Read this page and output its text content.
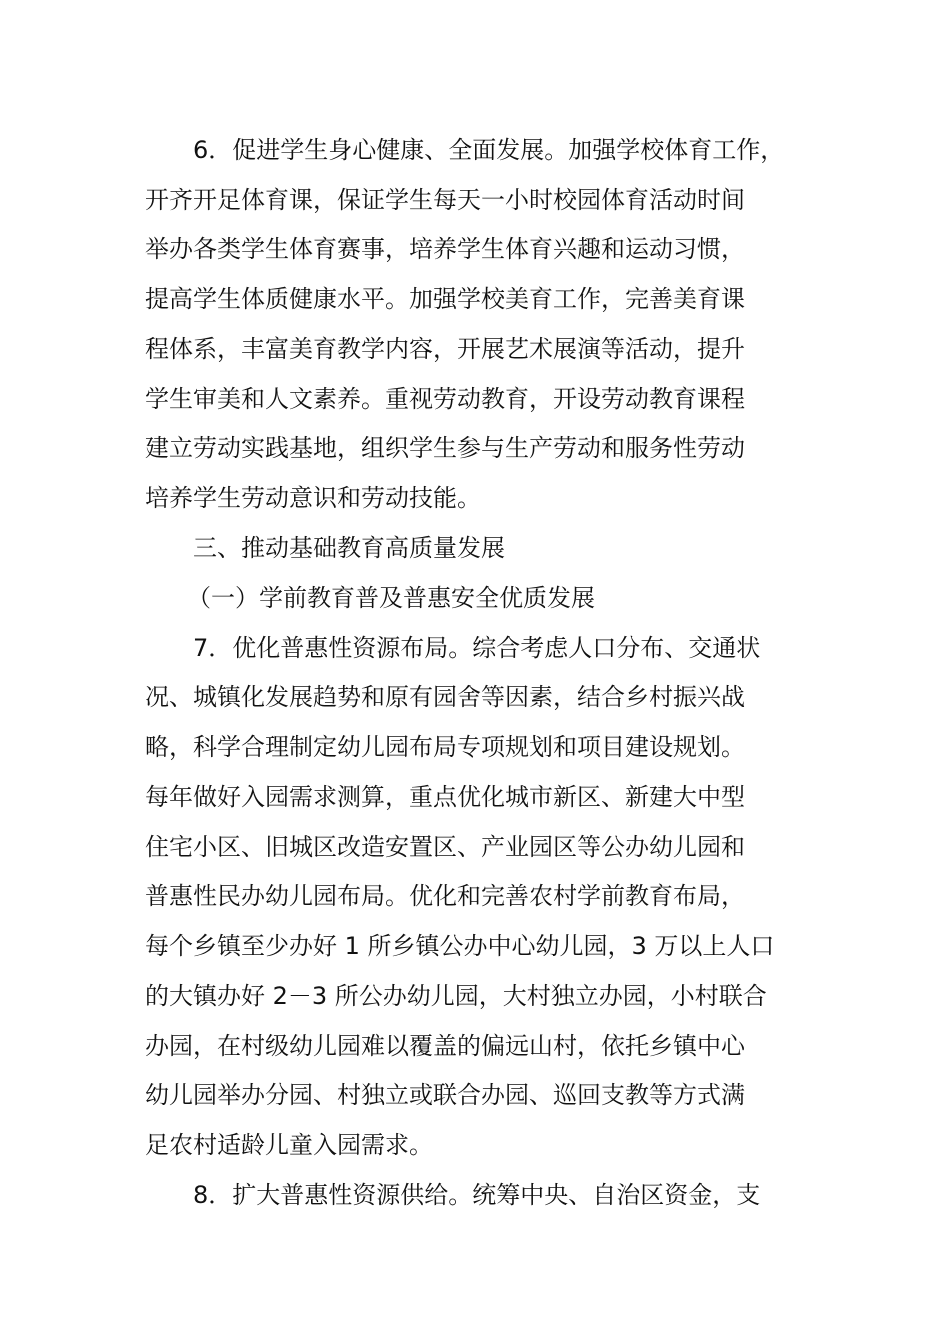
6．促进学生身心健康、全面发展。加强学校体育工作，
开齐开足体育课，保证学生每天一小时校园体育活动时间
举办各类学生体育赛事，培养学生体育兴趣和运动习惯，
提高学生体质健康水平。加强学校美育工作，完善美育课
程体系，丰富美育教学内容，开展艺术展演等活动，提升
学生审美和人文素养。重视劳动教育，开设劳动教育课程
建立劳动实践基地，组织学生参与生产劳动和服务性劳动
培养学生劳动意识和劳动技能。
三、推动基础教育高质量发展
（一）学前教育普及普惠安全优质发展
7．优化普惠性资源布局。综合考虑人口分布、交通状
况、城镇化发展趋势和原有园舍等因素，结合乡村振兴战
略，科学合理制定幼儿园布局专项规划和项目建设规划。
每年做好入园需求测算，重点优化城市新区、新建大中型
住宅小区、旧城区改造安置区、产业园区等公办幼儿园和
普惠性民办幼儿园布局。优化和完善农村学前教育布局，
每个乡镇至少办好 1 所乡镇公办中心幼儿园，3 万以上人口
的大镇办好 2－3 所公办幼儿园，大村独立办园，小村联合
办园，在村级幼儿园难以覆盖的偏远山村，依托乡镇中心
幼儿园举办分园、村独立或联合办园、巡回支教等方式满
足农村适龄儿童入园需求。
8．扩大普惠性资源供给。统筹中央、自治区资金，支
